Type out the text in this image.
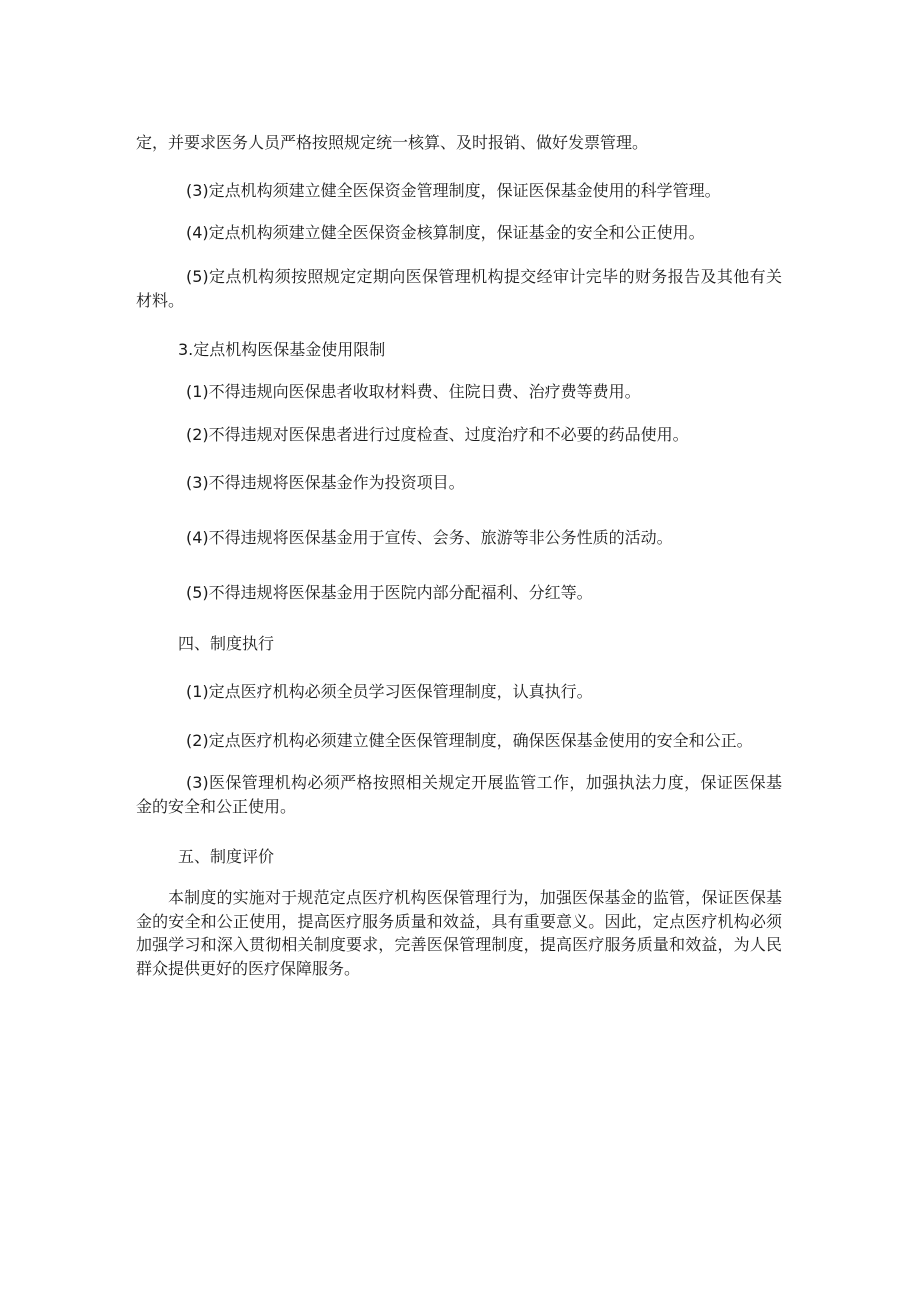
定，并要求医务人员严格按照规定统一核算、及时报销、做好发票管理。

(3)定点机构须建立健全医保资金管理制度，保证医保基金使用的科学管理。

(4)定点机构须建立健全医保资金核算制度，保证基金的安全和公正使用。

(5)定点机构须按照规定定期向医保管理机构提交经审计完毕的财务报告及其他有关材料。

3.定点机构医保基金使用限制

(1)不得违规向医保患者收取材料费、住院日费、治疗费等费用。

(2)不得违规对医保患者进行过度检查、过度治疗和不必要的药品使用。

(3)不得违规将医保基金作为投资项目。

(4)不得违规将医保基金用于宣传、会务、旅游等非公务性质的活动。

(5)不得违规将医保基金用于医院内部分配福利、分红等。

四、制度执行

(1)定点医疗机构必须全员学习医保管理制度，认真执行。

(2)定点医疗机构必须建立健全医保管理制度，确保医保基金使用的安全和公正。

(3)医保管理机构必须严格按照相关规定开展监管工作，加强执法力度，保证医保基金的安全和公正使用。

五、制度评价

本制度的实施对于规范定点医疗机构医保管理行为，加强医保基金的监管，保证医保基金的安全和公正使用，提高医疗服务质量和效益，具有重要意义。因此，定点医疗机构必须加强学习和深入贯彻相关制度要求，完善医保管理制度，提高医疗服务质量和效益，为人民群众提供更好的医疗保障服务。
